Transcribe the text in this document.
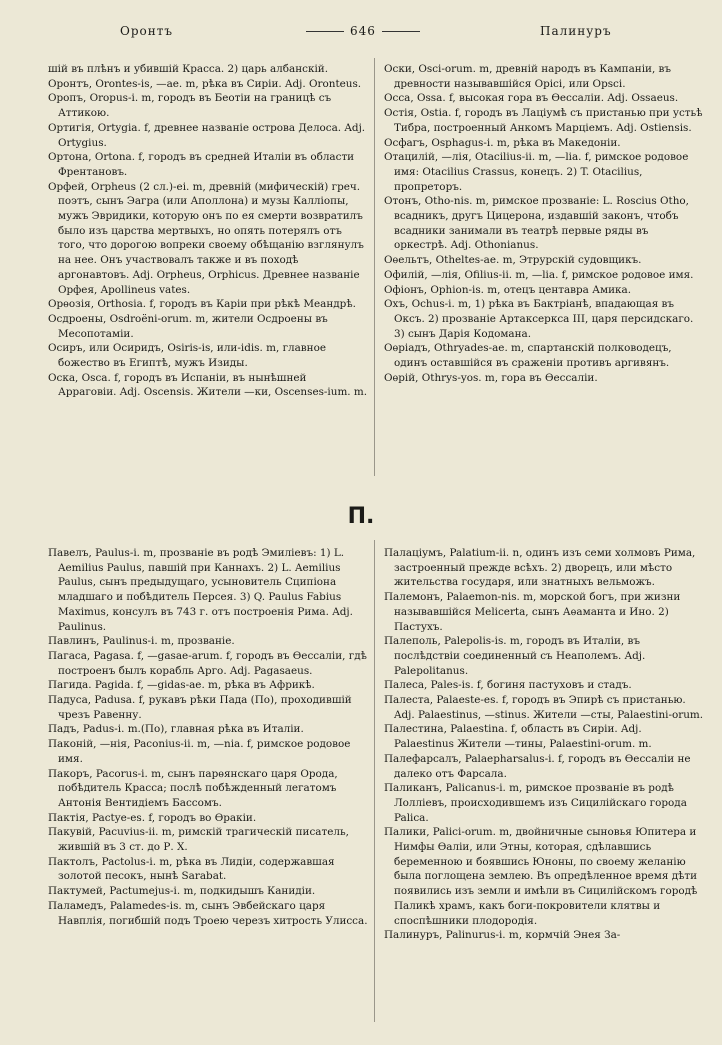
Оронтъ	646	Палинуръ
шій въ плѣнъ и убившій Красса. 2) царь албанскій.
Оронтъ, Orontes-is, —ae. m, рѣка въ Сиріи. Adj. Orontеus.
Оропъ, Oropus-i. m, городъ въ Беотіи на границѣ съ Аттикою.
Ортигія, Ortygia. f, древнее названіе острова Делоса. Adj. Ortygius.
Ортона, Ortona. f, городъ въ средней Италіи въ области Френтановъ.
Орфей, Orpheus (2 сл.)-ei. m, древній (мифическій) греч. поэтъ, сынъ Эагра (или Аполлона) и музы Калліопы, мужъ Эвридики, которую онъ по ея смерти возвратилъ было изъ царства мертвыхъ, но опять потерялъ отъ того, что дорогою вопреки своему обѣщанію взглянулъ на нее. Онъ участвовалъ также и въ походѣ аргонавтовъ. Adj. Orpheus, Orphicus. Древнее названіе Орфея, Apollineus vates.
Орѳозія, Orthosia. f, городъ въ Каріи при рѣкѣ Меандрѣ.
Осдроены, Osdroёni-orum. m, жители Осдроены въ Месопотаміи.
Осиръ, или Осиридъ, Osiris-is, или-idis. m, главное божество въ Египтѣ, мужъ Изиды.
Оска, Osca. f, городъ въ Испаніи, въ нынѣшней Арраговіи. Adj. Oscensis. Жители —ки, Oscenses-ium. m.
Оски, Osci-orum. m, древній народъ въ Кампаніи, въ древности называвшійся Opici, или Opsci.
Осса, Ossa. f, высокая гора въ Ѳессаліи. Adj. Ossaeus.
Остія, Ostia. f, городъ въ Лаціумѣ съ пристанью при устьѣ Тибра, построенный Анкомъ Марціемъ. Adj. Ostiensis.
Осфагъ, Osphagus-i. m, рѣка въ Македоніи.
Отацилій, —лія, Otacilius-ii. m, —lia. f, римское родовое имя: Otacilius Crassus, конецъ. 2) T. Otacilius, пропреторъ.
Отонъ, Otho-nis. m, римское прозваніе: L. Roscius Otho, всадникъ, другъ Цицерона, издавшій законъ, чтобъ всадники занимали въ театрѣ первые ряды въ оркестрѣ. Adj. Othonianus.
Оѳельтъ, Otheltes-ae. m, Этрурскій судовщикъ.
Офилій, —лія, Ofilius-ii. m, —lia. f, римское родовое имя.
Офіонъ, Ophion-is. m, отецъ центавра Амика.
Охъ, Ochus-i. m, 1) рѣка въ Бактріанѣ, впадающая въ Оксъ. 2) прозваніе Артаксеркса III, царя персидскаго. 3) сынъ Дарія Кодомана.
Оѳріадъ, Othryades-ae. m, спартанскій полководецъ, одинъ оставшійся въ сраженіи противъ аргивянъ.
Оѳрій, Othrys-yos. m, гора въ Ѳессаліи.
П.
Павелъ, Paulus-i. m, прозваніе въ родѣ Эмиліевъ: 1) L. Aemilius Paulus, павшій при Каннахъ. 2) L. Aemilius Paulus, сынъ предыдущаго, усыновитель Сципіона младшаго и побѣдитель Персея. 3) Q. Paulus Fabius Maximus, консулъ въ 743 г. отъ построенія Рима. Adj. Paulinus.
Павлинъ, Paulinus-i. m, прозваніе.
Пагаса, Pagasa. f, —gasae-arum. f, городъ въ Ѳессаліи, гдѣ построенъ былъ корабль Арго. Adj. Pagasaeus.
Пагида. Pagida. f, —gidas-ae. m, рѣка въ Африкѣ.
Падуса, Padusa. f, рукавъ рѣки Пада (По), проходившій чрезъ Равенну.
Падъ, Padus-i. m.(По), главная рѣка въ Италіи.
Паконій, —нія, Paconius-ii. m, —nia. f, римское родовое имя.
Пакоръ, Pacorus-i. m, сынъ парѳянскаго царя Орода, побѣдитель Красса; послѣ побѣжденный легатомъ Антонія Вентидіемъ Бассомъ.
Пактія, Pactye-es. f, городъ во Ѳракіи.
Пакувій, Pacuvius-ii. m, римскій трагическій писатель, жившій въ 3 ст. до Р. Х.
Пактолъ, Pactolus-i. m, рѣка въ Лидіи, содержавшая золотой песокъ, нынѣ Sarabat.
Пактумей, Pactumejus-i. m, подкидышъ Канидіи.
Паламедъ, Palamedes-is. m, сынъ Эвбейскаго царя Навплія, погибшій подъ Троею черезъ хитрость Улисса.
Палаціумъ, Palatium-ii. n, одинъ изъ семи холмовъ Рима, застроенный прежде всѣхъ. 2) дворецъ, или мѣсто жительства государя, или знатныхъ вельможъ.
Палемонъ, Palaemon-nis. m, морской богъ, при жизни называвшійся Melicerta, сынъ Аѳаманта и Ино. 2) Пастухъ.
Палеполь, Palepolis-is. m, городъ въ Италіи, въ послѣдствіи соединенный съ Неаполемъ. Adj. Palepolitanus.
Палеса, Pales-is. f, богиня пастуховъ и стадъ.
Палеста, Palaeste-es. f, городъ въ Эпирѣ съ пристанью. Adj. Palaestinus, —stinus. Жители —сты, Palaestini-orum.
Палестина, Palaestina. f, область въ Сиріи. Adj. Palaestinus Жители —тины, Palaestini-orum. m.
Палефарсалъ, Palaepharsalus-i. f, городъ въ Ѳессаліи не далеко отъ Фарсала.
Паликанъ, Palicanus-i. m, римское прозваніе въ родѣ Лолліевъ, происходившемъ изъ Сицилійскаго города Palica.
Палики, Palici-orum. m, двойничные сыновья Юпитера и Нимфы Ѳаліи, или Этны, которая, сдѣлавшись беременною и боявшись Юноны, по своему желанію была поглощена землею. Въ опредѣленное время дѣти появились изъ земли и имѣли въ Сицилійскомъ городѣ Паликѣ храмъ, какъ боги-покровители клятвы и споспѣшники плодородія.
Палинуръ, Palinurus-i. m, кормчій Энея За-
